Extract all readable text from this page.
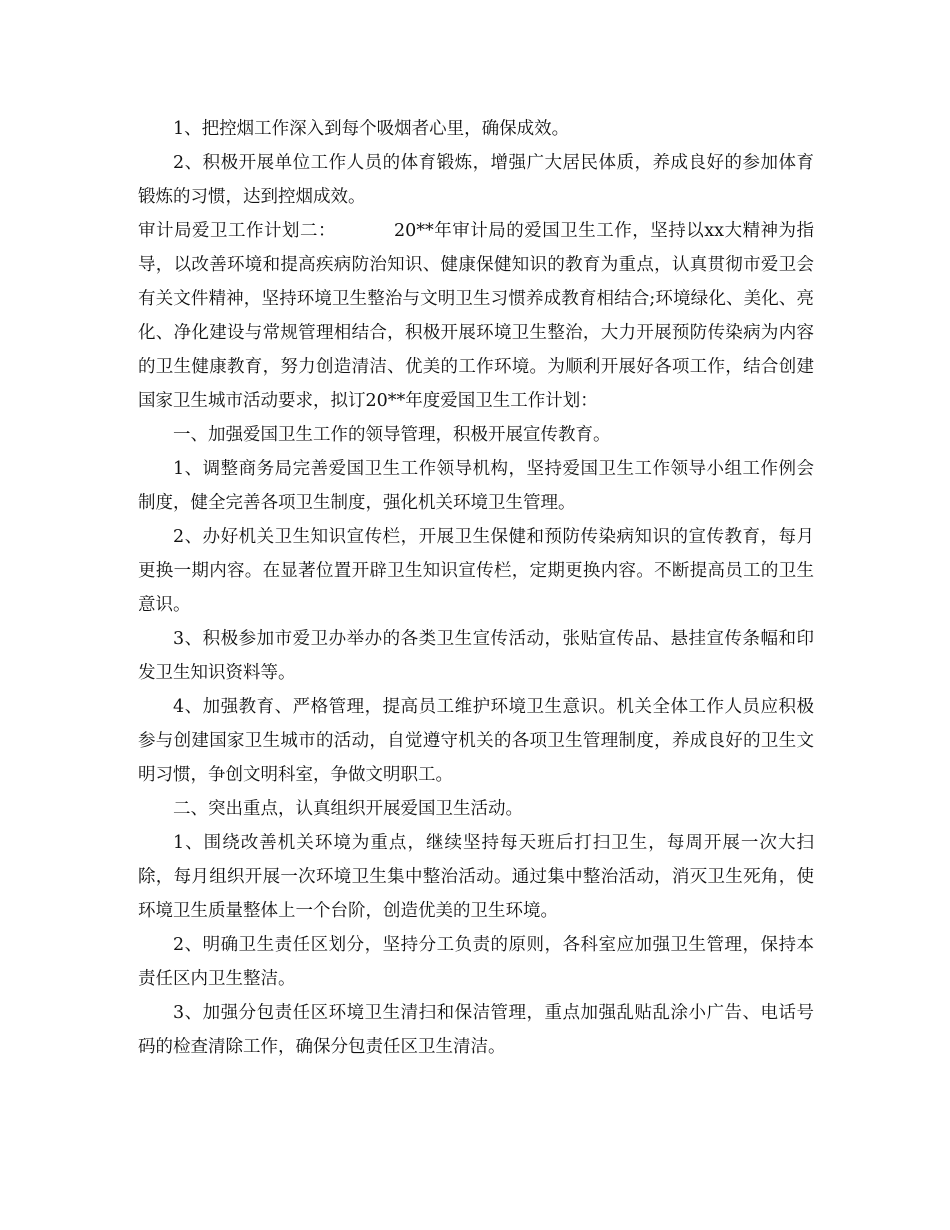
1、把控烟工作深入到每个吸烟者心里，确保成效。

2、积极开展单位工作人员的体育锻炼，增强广大居民体质，养成良好的参加体育锻炼的习惯，达到控烟成效。

审计局爱卫工作计划二：	20**年审计局的爱国卫生工作，坚持以xx大精神为指导，以改善环境和提高疾病防治知识、健康保健知识的教育为重点，认真贯彻市爱卫会有关文件精神，坚持环境卫生整治与文明卫生习惯养成教育相结合;环境绿化、美化、亮化、净化建设与常规管理相结合，积极开展环境卫生整治，大力开展预防传染病为内容的卫生健康教育，努力创造清洁、优美的工作环境。为顺利开展好各项工作，结合创建国家卫生城市活动要求，拟订20**年度爱国卫生工作计划：

一、加强爱国卫生工作的领导管理，积极开展宣传教育。

1、调整商务局完善爱国卫生工作领导机构，坚持爱国卫生工作领导小组工作例会制度，健全完善各项卫生制度，强化机关环境卫生管理。

2、办好机关卫生知识宣传栏，开展卫生保健和预防传染病知识的宣传教育，每月更换一期内容。在显著位置开辟卫生知识宣传栏，定期更换内容。不断提高员工的卫生意识。

3、积极参加市爱卫办举办的各类卫生宣传活动，张贴宣传品、悬挂宣传条幅和印发卫生知识资料等。

4、加强教育、严格管理，提高员工维护环境卫生意识。机关全体工作人员应积极参与创建国家卫生城市的活动，自觉遵守机关的各项卫生管理制度，养成良好的卫生文明习惯，争创文明科室，争做文明职工。

二、突出重点，认真组织开展爱国卫生活动。

1、围绕改善机关环境为重点，继续坚持每天班后打扫卫生，每周开展一次大扫除，每月组织开展一次环境卫生集中整治活动。通过集中整治活动，消灭卫生死角，使环境卫生质量整体上一个台阶，创造优美的卫生环境。

2、明确卫生责任区划分，坚持分工负责的原则，各科室应加强卫生管理，保持本责任区内卫生整洁。

3、加强分包责任区环境卫生清扫和保洁管理，重点加强乱贴乱涂小广告、电话号码的检查清除工作，确保分包责任区卫生清洁。
